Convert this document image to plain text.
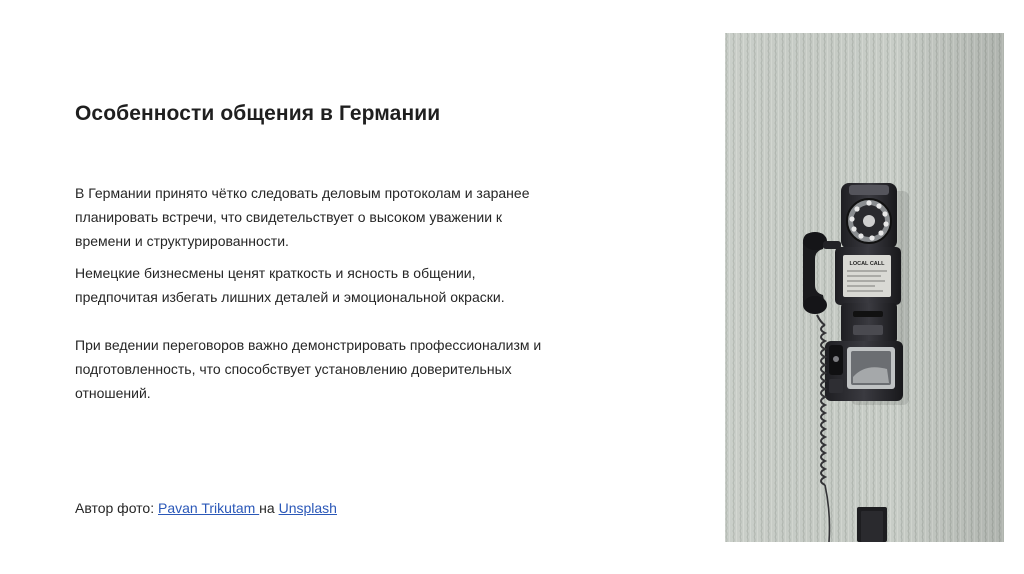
Особенности общения в Германии

В Германии принято чётко следовать деловым протоколам и заранее планировать встречи, что свидетельствует о высоком уважении к времени и структурированности.

Немецкие бизнесмены ценят краткость и ясность в общении, предпочитая избегать лишних деталей и эмоциональной окраски.

При ведении переговоров важно демонстрировать профессионализм и подготовленность, что способствует установлению доверительных отношений.

Автор фото: Pavan Trikutam на Unsplash
LOCAL CALL
